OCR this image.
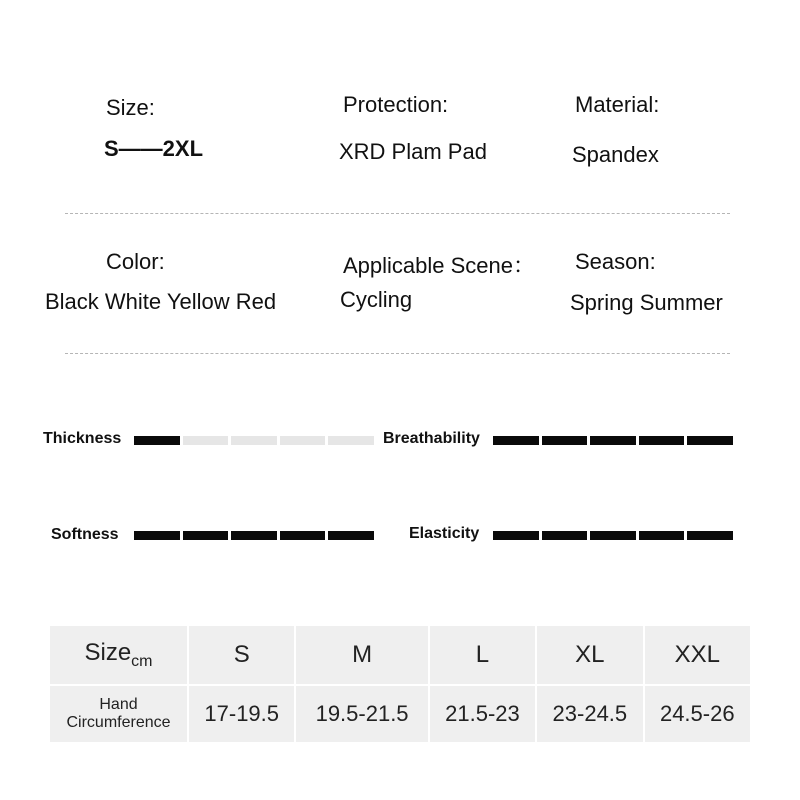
Size:
S——2XL
Protection:
XRD Plam Pad
Material:
Spandex
Color:
Black White Yellow Red
Applicable Scene：
Cycling
Season:
Spring Summer
Thickness	Breathability
Softness	Elasticity
Size$_{cm}$	S	M	L	XL	XXL

Hand
Circumference	17-19.5	19.5-21.5	21.5-23	23-24.5	24.5-26
